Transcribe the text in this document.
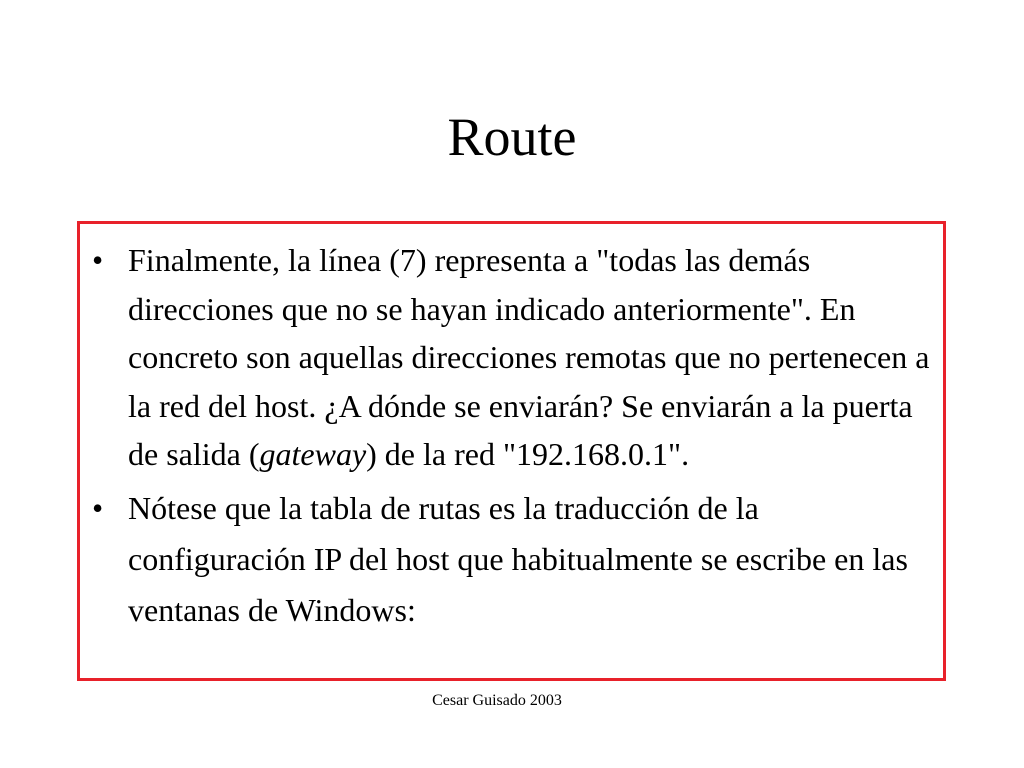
Route
• Finalmente, la línea (7) representa a "todas las demás direcciones que no se hayan indicado anteriormente". En concreto son aquellas direcciones remotas que no pertenecen a la red del host. ¿A dónde se enviarán? Se enviarán a la puerta de salida (gateway) de la red "192.168.0.1".
• Nótese que la tabla de rutas es la traducción de la configuración IP del host que habitualmente se escribe en las ventanas de Windows:
Cesar Guisado 2003
